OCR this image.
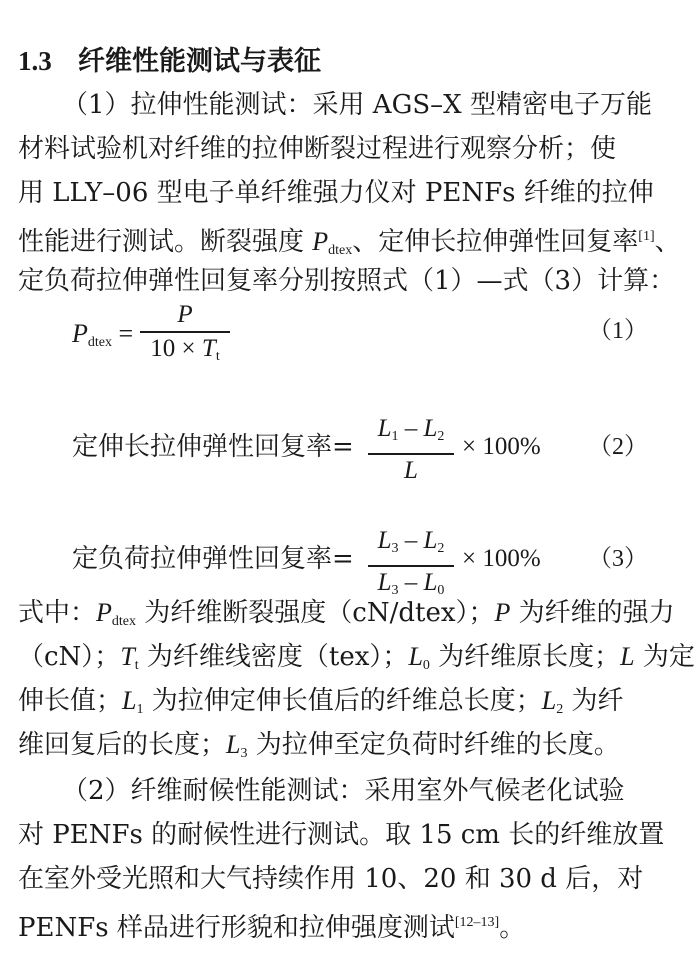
1.3 纤维性能测试与表征
（1）拉伸性能测试：采用 AGS–X 型精密电子万能
材料试验机对纤维的拉伸断裂过程进行观察分析；使
用 LLY–06 型电子单纤维强力仪对 PENFs 纤维的拉伸
性能进行测试。断裂强度 $P_{dtex}$、定伸长拉伸弹性回复率[1]、
定负荷拉伸弹性回复率分别按照式（1）—式（3）计算：
$P_{dtex}$ =
P
$10 \times T_t$
（1）
定伸长拉伸弹性回复率=
$L_1 - L_2$
L
× 100% （2）
定负荷拉伸弹性回复率=
$L_3 - L_2$
$L_3 - L_0$
× 100% （3）
式中：$P_{dtex}$ 为纤维断裂强度（cN/dtex）；P 为纤维的强力
（cN）；$T_t$ 为纤维线密度（tex）；$L_0$ 为纤维原长度；L 为定
伸长值；$L_1$ 为拉伸定伸长值后的纤维总长度；$L_2$ 为纤
维回复后的长度；$L_3$ 为拉伸至定负荷时纤维的长度。
（2）纤维耐候性能测试：采用室外气候老化试验
对 PENFs 的耐候性进行测试。取 15 cm 长的纤维放置
在室外受光照和大气持续作用 10、20 和 30 d 后，对
PENFs 样品进行形貌和拉伸强度测试[12–13]。
